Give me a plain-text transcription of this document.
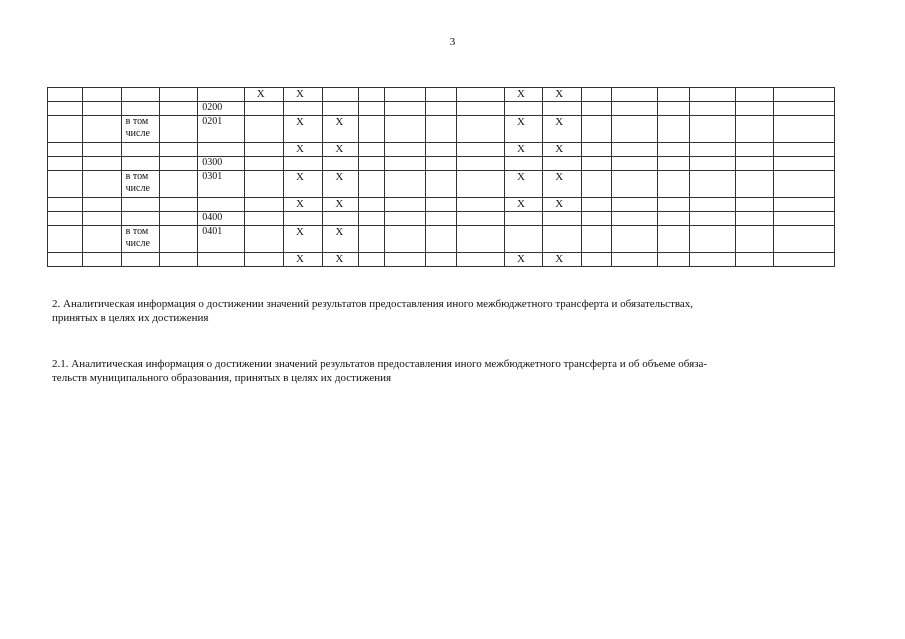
3
					X	X						X	X						
				0200															
		в том числе		0201		X	X					X	X						
						X	X					X	X						
				0300															
		в том числе		0301		X	X					X	X						
						X	X					X	X						
				0400															
		в том числе		0401		X	X												
						X	X					X	X						
2. Аналитическая информация о достижении значений результатов предоставления иного межбюджетного трансферта и обязательствах,
принятых в целях их достижения
2.1. Аналитическая информация о достижении значений результатов предоставления иного межбюджетного трансферта и об объеме обяза-
тельств муниципального образования, принятых в целях их достижения
